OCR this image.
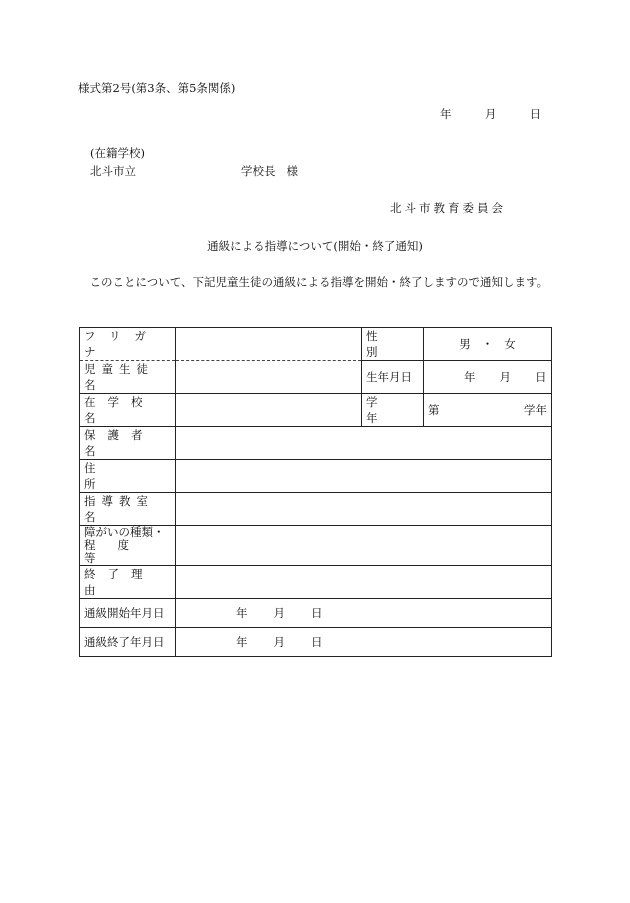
様式第2号(第3条、第5条関係)
年	月	日
(在籍学校)
北斗市立	学校長 様
北斗市教育委員会
通級による指導について(開始・終了通知)
このことについて、下記児童生徒の通級による指導を開始・終了しますので通知します。
フリガナ		性別	男 ・ 女

児童生徒名		生年月日	年 月 日

在学校名		学年	第 学年

保護者名			

住所			

指導教室名			

障がいの種類・
程度等			

終了理由			

通級開始年月日	年 月 日		
通級終了年月日	年 月 日		
